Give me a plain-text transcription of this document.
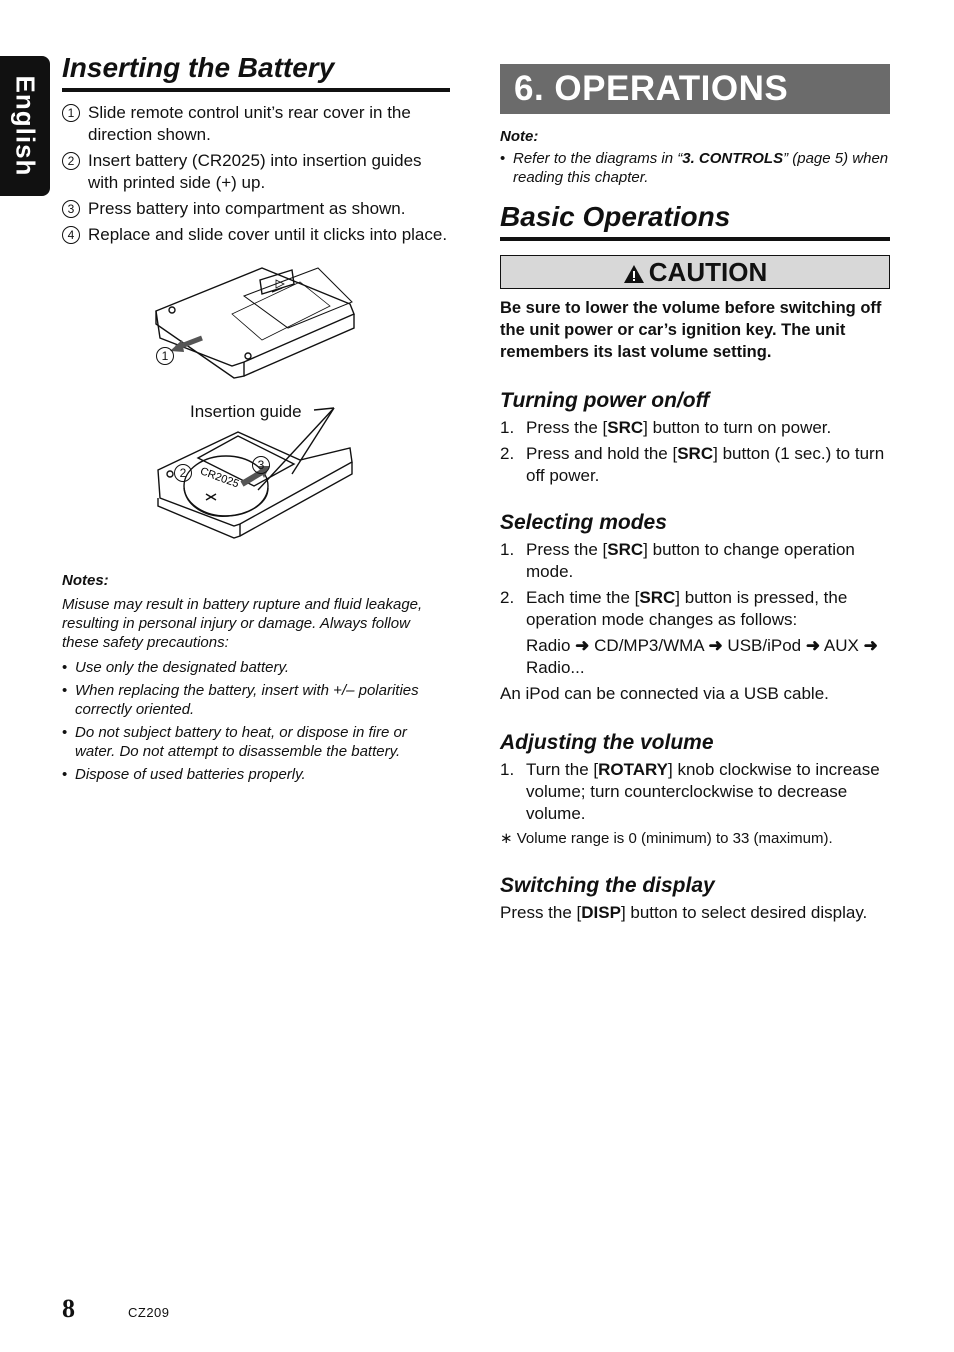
English
Inserting the Battery
1 Slide remote control unit’s rear cover in the direction shown.
2 Insert battery (CR2025) into insertion guides with printed side (+) up.
3 Press battery into compartment as shown.
4 Replace and slide cover until it clicks into place.
1
Insertion guide
CR2025
2
3

Notes:

Misuse may result in battery rupture and fluid leakage, resulting in personal injury or damage. Always follow these safety precautions:

• Use only the designated battery.
• When replacing the battery, insert with +/– polarities correctly oriented.
• Do not subject battery to heat, or dispose in fire or water. Do not attempt to disassemble the battery.
• Dispose of used batteries properly.
6. OPERATIONS

Note:

• Refer to the diagrams in “3. CONTROLS” (page 5) when reading this chapter.

Basic Operations
CAUTION

Be sure to lower the volume before switching off the unit power or car’s ignition key. The unit remembers its last volume setting.

Turning power on/off
1. Press the [SRC] button to turn on power.
2. Press and hold the [SRC] button (1 sec.) to turn off power.
Selecting modes
1. Press the [SRC] button to change operation mode.
2. Each time the [SRC] button is pressed, the operation mode changes as follows:
Radio ➜ CD/MP3/WMA ➜ USB/iPod ➜ AUX ➜ Radio...

An iPod can be connected via a USB cable.

Adjusting the volume
1. Turn the [ROTARY] knob clockwise to increase volume; turn counterclockwise to decrease volume.

∗ Volume range is 0 (minimum) to 33 (maximum).

Switching the display

Press the [DISP] button to select desired display.

8	CZ209
